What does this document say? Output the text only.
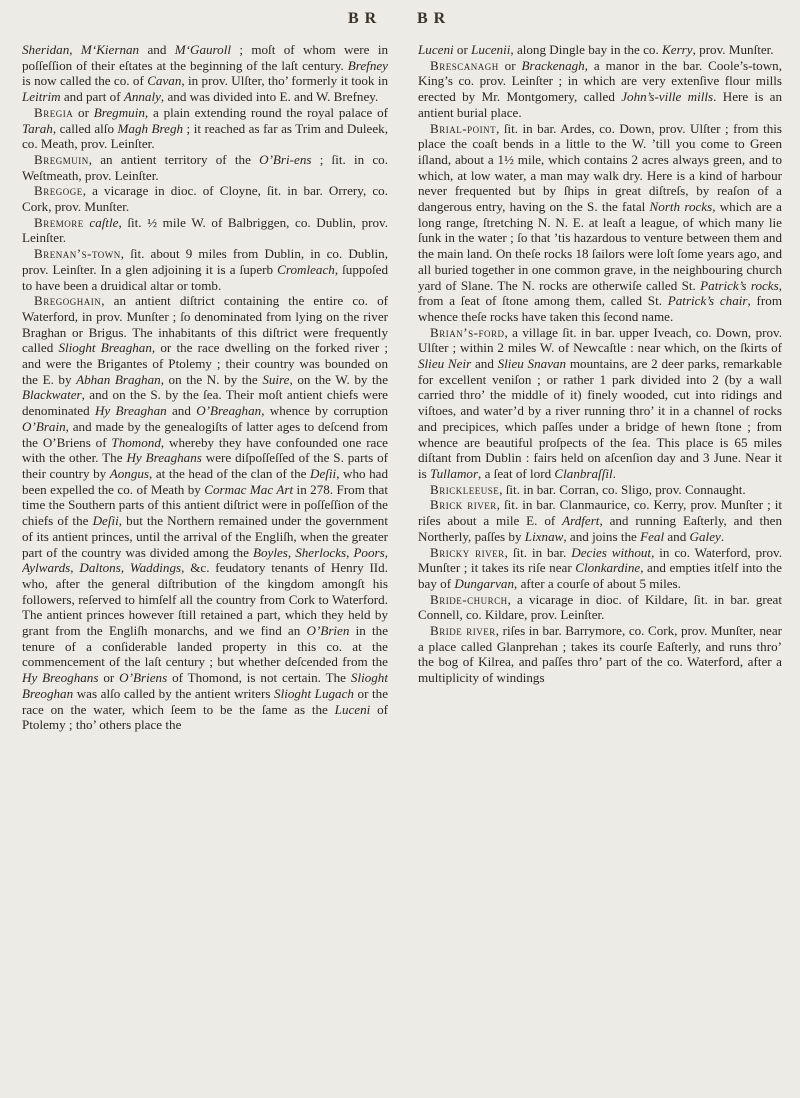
B R B R

Sheridan, M‘Kiernan and M‘Gauroll ; moſt of whom were in poſſeſſion of their eſtates at the beginning of the laſt century. Brefney is now called the co. of Cavan, in prov. Ulſter, tho’ formerly it took in Leitrim and part of Annaly, and was divided into E. and W. Brefney.

Bregia or Bregmuin, a plain extending round the royal palace of Tarah, called alſo Magh Bregh ; it reached as far as Trim and Duleek, co. Meath, prov. Leinſter.

Bregmuin, an antient territory of the O’Bri-ens ; ſit. in co. Weſtmeath, prov. Leinſter.

Bregoge, a vicarage in dioc. of Cloyne, ſit. in bar. Orrery, co. Cork, prov. Munſter.

Bremore caſtle, ſit. ½ mile W. of Balbriggen, co. Dublin, prov. Leinſter.

Brenan’s-town, ſit. about 9 miles from Dublin, in co. Dublin, prov. Leinſter. In a glen adjoining it is a ſuperb Cromleach, ſuppoſed to have been a druidical altar or tomb.

Bregoghain, an antient diſtrict containing the entire co. of Waterford, in prov. Munſter ; ſo denominated from lying on the river Braghan or Brigus. The inhabitants of this diſtrict were frequently called Slioght Breaghan, or the race dwelling on the forked river ; and were the Brigantes of Ptolemy ; their country was bounded on the E. by Abhan Braghan, on the N. by the Suire, on the W. by the Blackwater, and on the S. by the ſea. Their moſt antient chiefs were denominated Hy Breaghan and O’Breaghan, whence by corruption O’Brain, and made by the genealogiſts of latter ages to deſcend from the O’Briens of Thomond, whereby they have confounded one race with the other. The Hy Breaghans were diſpoſſeſſed of the S. parts of their country by Aongus, at the head of the clan of the Deſii, who had been expelled the co. of Meath by Cormac Mac Art in 278. From that time the Southern parts of this antient diſtrict were in poſſeſſion of the chiefs of the Deſii, but the Northern remained under the government of its antient princes, until the arrival of the Engliſh, when the greater part of the country was divided among the Boyles, Sherlocks, Poors, Aylwards, Daltons, Waddings, &c. feudatory tenants of Henry IId. who, after the general diſtribution of the kingdom amongſt his followers, reſerved to himſelf all the country from Cork to Waterford. The antient princes however ſtill retained a part, which they held by grant from the Engliſh monarchs, and we find an O’Brien in the tenure of a conſiderable landed property in this co. at the commencement of the laſt century ; but whether deſcended from the Hy Breoghans or O’Briens of Thomond, is not certain. The Slioght Breoghan was alſo called by the antient writers Slioght Lugach or the race on the water, which ſeem to be the ſame as the Luceni of Ptolemy ; tho’ others place the

Luceni or Lucenii, along Dingle bay in the co. Kerry, prov. Munſter.

Brescanagh or Brackenagh, a manor in the bar. Coole’s-town, King’s co. prov. Leinſter ; in which are very extenſive flour mills erected by Mr. Montgomery, called John’s-ville mills. Here is an antient burial place.

Brial-point, ſit. in bar. Ardes, co. Down, prov. Ulſter ; from this place the coaſt bends in a little to the W. ’till you come to Green iſland, about a 1½ mile, which contains 2 acres always green, and to which, at low water, a man may walk dry. Here is a kind of harbour never frequented but by ſhips in great diſtreſs, by reaſon of a dangerous entry, having on the S. the fatal North rocks, which are a long range, ſtretching N. N. E. at leaſt a league, of which many lie ſunk in the water ; ſo that ’tis hazardous to venture between them and the main land. On theſe rocks 18 ſailors were loſt ſome years ago, and all buried together in one common grave, in the neighbouring church yard of Slane. The N. rocks are otherwiſe called St. Patrick’s rocks, from a ſeat of ſtone among them, called St. Patrick’s chair, from whence theſe rocks have taken this ſecond name.

Brian’s-ford, a village ſit. in bar. upper Iveach, co. Down, prov. Ulſter ; within 2 miles W. of Newcaſtle : near which, on the ſkirts of Slieu Neir and Slieu Snavan mountains, are 2 deer parks, remarkable for excellent veniſon ; or rather 1 park divided into 2 (by a wall carried thro’ the middle of it) finely wooded, cut into ridings and viſtoes, and water’d by a river running thro’ it in a channel of rocks and precipices, which paſſes under a bridge of hewn ſtone ; from whence are beautiful proſpects of the ſea. This place is 65 miles diſtant from Dublin : fairs held on aſcenſion day and 3 June. Near it is Tullamor, a ſeat of lord Clanbraſſil.

Brickleeuse, ſit. in bar. Corran, co. Sligo, prov. Connaught.

Brick river, ſit. in bar. Clanmaurice, co. Kerry, prov. Munſter ; it riſes about a mile E. of Ardfert, and running Eaſterly, and then Northerly, paſſes by Lixnaw, and joins the Feal and Galey.

Bricky river, ſit. in bar. Decies without, in co. Waterford, prov. Munſter ; it takes its riſe near Clonkardine, and empties itſelf into the bay of Dungarvan, after a courſe of about 5 miles.

Bride-church, a vicarage in dioc. of Kildare, ſit. in bar. great Connell, co. Kildare, prov. Leinſter.

Bride river, riſes in bar. Barrymore, co. Cork, prov. Munſter, near a place called Glanprehan ; takes its courſe Eaſterly, and runs thro’ the bog of Kilrea, and paſſes thro’ part of the co. Waterford, after a multiplicity of windings
